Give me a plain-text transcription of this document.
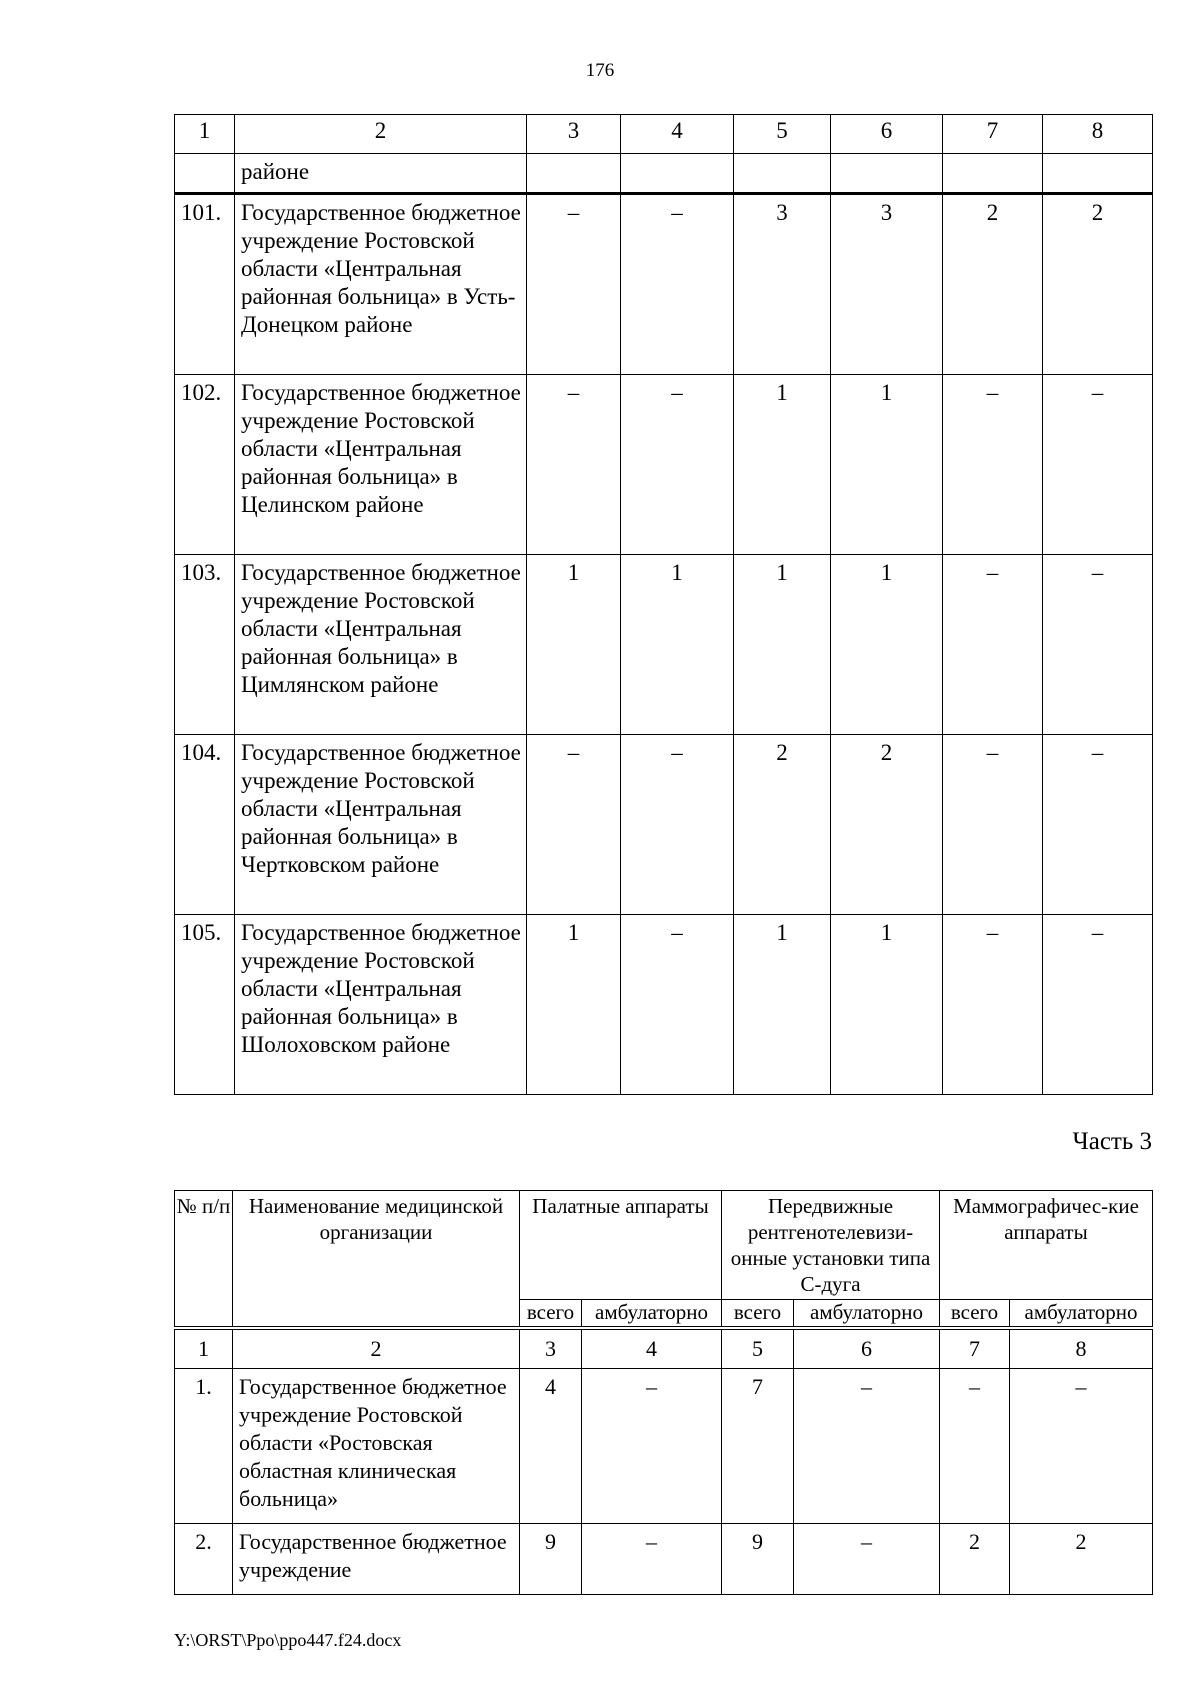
176
1	2	3	4	5	6	7	8
	районе						
101.	Государственное бюджетное учреждение Ростовской области «Центральная районная больница» в Усть-Донецком районе	–	–	3	3	2	2
102.	Государственное бюджетное учреждение Ростовской области «Центральная районная больница» в Целинском районе	–	–	1	1	–	–
103.	Государственное бюджетное учреждение Ростовской области «Центральная районная больница» в Цимлянском районе	1	1	1	1	–	–
104.	Государственное бюджетное учреждение Ростовской области «Центральная районная больница» в Чертковском районе	–	–	2	2	–	–
105.	Государственное бюджетное учреждение Ростовской области «Центральная районная больница» в Шолоховском районе	1	–	1	1	–	–
Часть 3
№ п/п	Наименование медицинской организации	Палатные аппараты		Передвижные рентгенотелевизи-онные установки типа С-дуга		Маммографичес-кие аппараты	
		всего	амбулаторно	всего	амбулаторно	всего	амбулаторно
1	2	3	4	5	6	7	8
1.	Государственное бюджетное учреждение Ростовской области «Ростовская областная клиническая больница»	4	–	7	–	–	–
2.	Государственное бюджетное учреждение	9	–	9	–	2	2
Y:\ORST\Ppo\ppo447.f24.docx
